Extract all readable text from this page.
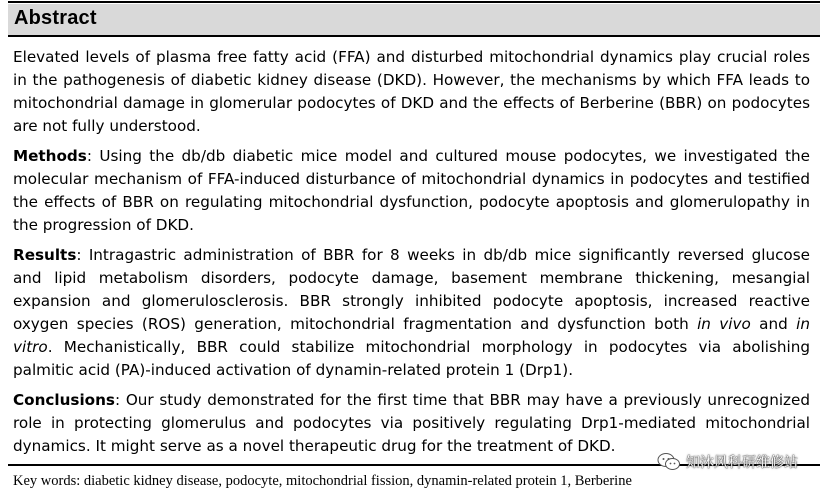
Abstract

Elevated levels of plasma free fatty acid (FFA) and disturbed mitochondrial dynamics play crucial roles in the pathogenesis of diabetic kidney disease (DKD). However, the mechanisms by which FFA leads to mitochondrial damage in glomerular podocytes of DKD and the effects of Berberine (BBR) on podocytes are not fully understood.

Methods: Using the db/db diabetic mice model and cultured mouse podocytes, we investigated the molecular mechanism of FFA-induced disturbance of mitochondrial dynamics in podocytes and testified the effects of BBR on regulating mitochondrial dysfunction, podocyte apoptosis and glomerulopathy in the progression of DKD.

Results: Intragastric administration of BBR for 8 weeks in db/db mice significantly reversed glucose and lipid metabolism disorders, podocyte damage, basement membrane thickening, mesangial expansion and glomerulosclerosis. BBR strongly inhibited podocyte apoptosis, increased reactive oxygen species (ROS) generation, mitochondrial fragmentation and dysfunction both in vivo and in vitro. Mechanistically, BBR could stabilize mitochondrial morphology in podocytes via abolishing palmitic acid (PA)-induced activation of dynamin-related protein 1 (Drp1).

Conclusions: Our study demonstrated for the first time that BBR may have a previously unrecognized role in protecting glomerulus and podocytes via positively regulating Drp1-mediated mitochondrial dynamics. It might serve as a novel therapeutic drug for the treatment of DKD.

Key words: diabetic kidney disease, podocyte, mitochondrial fission, dynamin-related protein 1, Berberine
知沐风科研维修站
